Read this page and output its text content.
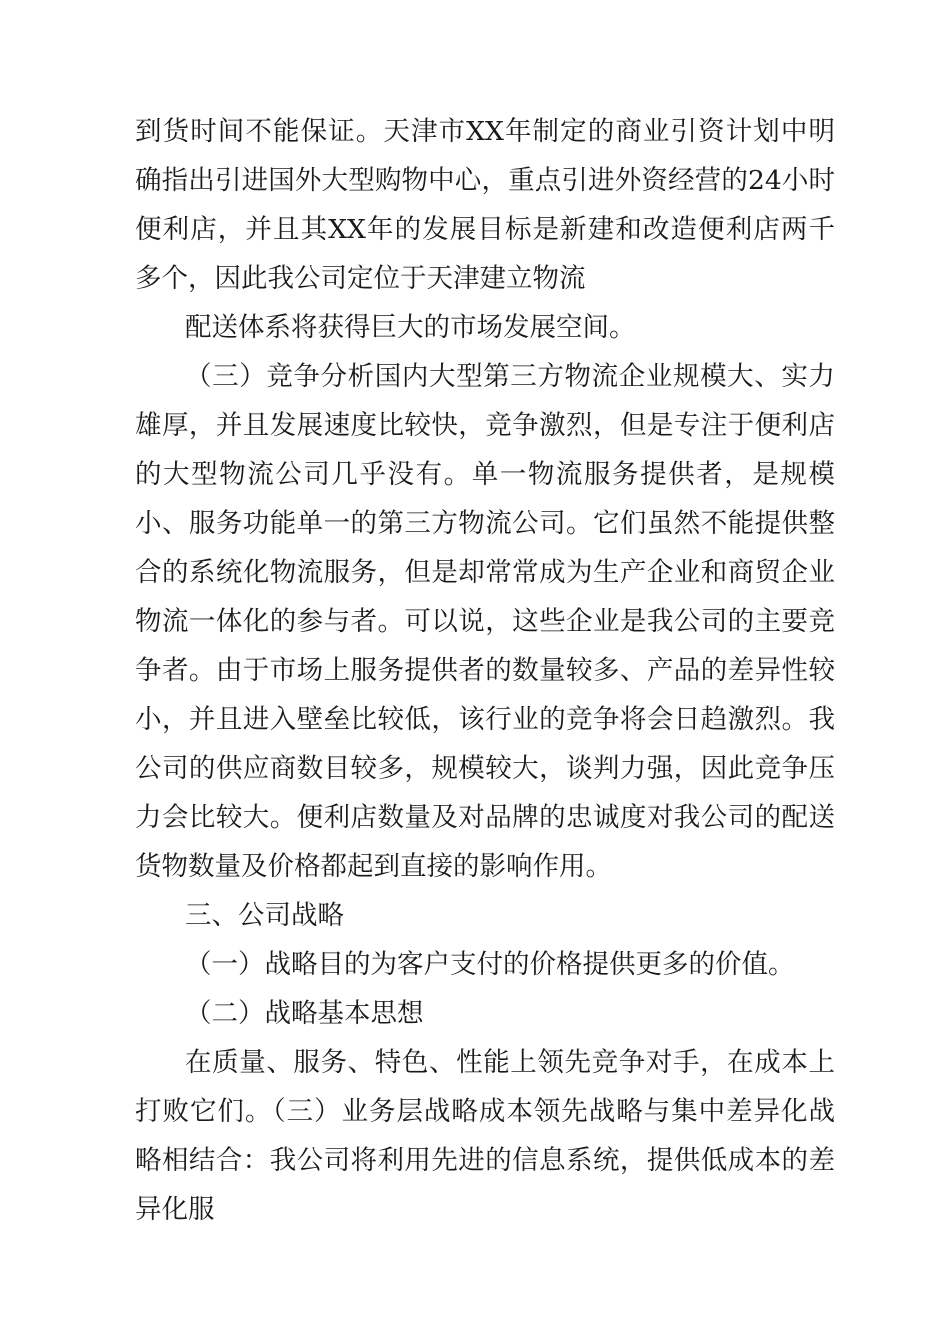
到货时间不能保证。天津市XX年制定的商业引资计划中明确指出引进国外大型购物中心，重点引进外资经营的24小时便利店，并且其XX年的发展目标是新建和改造便利店两千多个，因此我公司定位于天津建立物流

配送体系将获得巨大的市场发展空间。

（三）竞争分析国内大型第三方物流企业规模大、实力雄厚，并且发展速度比较快，竞争激烈，但是专注于便利店的大型物流公司几乎没有。单一物流服务提供者，是规模小、服务功能单一的第三方物流公司。它们虽然不能提供整合的系统化物流服务，但是却常常成为生产企业和商贸企业物流一体化的参与者。可以说，这些企业是我公司的主要竞争者。由于市场上服务提供者的数量较多、产品的差异性较小，并且进入壁垒比较低，该行业的竞争将会日趋激烈。我公司的供应商数目较多，规模较大，谈判力强，因此竞争压力会比较大。便利店数量及对品牌的忠诚度对我公司的配送货物数量及价格都起到直接的影响作用。

三、公司战略

（一）战略目的为客户支付的价格提供更多的价值。

（二）战略基本思想

在质量、服务、特色、性能上领先竞争对手，在成本上打败它们。（三）业务层战略成本领先战略与集中差异化战略相结合：我公司将利用先进的信息系统，提供低成本的差异化服
